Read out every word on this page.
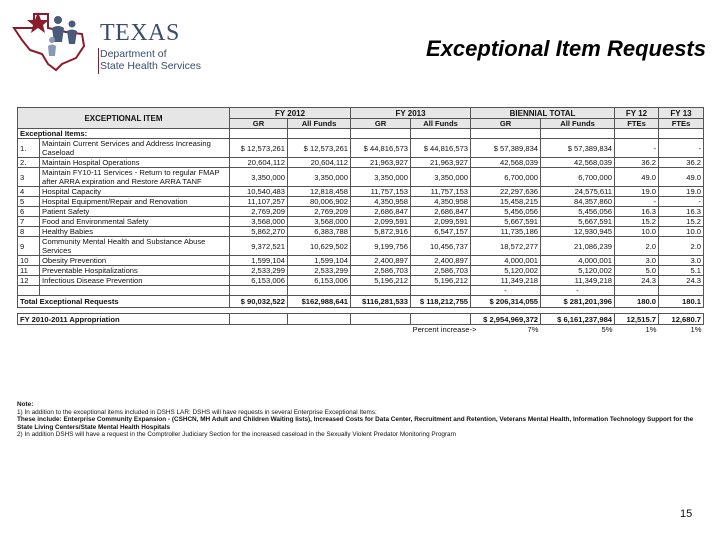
TEXAS
Department of
State Health Services
Exceptional Item Requests
EXCEPTIONAL ITEM		FY 2012		FY 2013		BIENNIAL TOTAL		FY 12	FY 13
		GR	All Funds	GR	All Funds	GR	All Funds	FTEs	FTEs
Exceptional Items:									
1.	Maintain Current Services and Address Increasing Caseload	$ 12,573,261	$ 12,573,261	$ 44,816,573	$ 44,816,573	$ 57,389,834	$ 57,389,834	-	-
2.	Maintain Hospital Operations	20,604,112	20,604,112	21,963,927	21,963,927	42,568,039	42,568,039	36.2	36.2
3	Maintain FY10-11 Services - Return to regular FMAP after ARRA expiration and Restore ARRA TANF	3,350,000	3,350,000	3,350,000	3,350,000	6,700,000	6,700,000	49.0	49.0
4	Hospital Capacity	10,540,483	12,818,458	11,757,153	11,757,153	22,297,636	24,575,611	19.0	19.0
5	Hospital Equipment/Repair and Renovation	11,107,257	80,006,902	4,350,958	4,350,958	15,458,215	84,357,860	-	-
6	Patient Safety	2,769,209	2,769,209	2,686,847	2,686,847	5,456,056	5,456,056	16.3	16.3
7	Food and Environmental Safety	3,568,000	3,568,000	2,099,591	2,099,591	5,667,591	5,667,591	15.2	15.2
8	Healthy Babies	5,862,270	6,383,788	5,872,916	6,547,157	11,735,186	12,930,945	10.0	10.0
9	Community Mental Health and Substance Abuse Services	9,372,521	10,629,502	9,199,756	10,456,737	18,572,277	21,086,239	2.0	2.0
10	Obesity Prevention	1,599,104	1,599,104	2,400,897	2,400,897	4,000,001	4,000,001	3.0	3.0
11	Preventable Hospitalizations	2,533,299	2,533,299	2,586,703	2,586,703	5,120,002	5,120,002	5.0	5.1
12	Infectious Disease Prevention	6,153,006	6,153,006	5,196,212	5,196,212	11,349,218	11,349,218	24.3	24.3
						-	-		
Total Exceptional Requests		$ 90,032,522	$162,988,641	$116,281,533	$ 118,212,755	$ 206,314,055	$ 281,201,396	180.0	180.1

FY 2010-2011 Appropriation						$ 2,954,969,372	$ 6,161,237,984	12,515.7	12,680.7
					Percent increase->	7%	5%	1%	1%
Note:
1) In addition to the exceptional items included in DSHS LAR: DSHS will have requests in several Enterprise Exceptional Items:
These include: Enterprise Community Expansion - (CSHCN, MH Adult and Children Waiting lists), Increased Costs for Data Center, Recruitment and Retention, Veterans Mental Health, Information Technology Support for the State Living Centers/State Mental Health Hospitals
2) In addition DSHS will have a request in the Comptroller Judiciary Section for the increased caseload in the Sexually Violent Predator Monitoring Program
15
